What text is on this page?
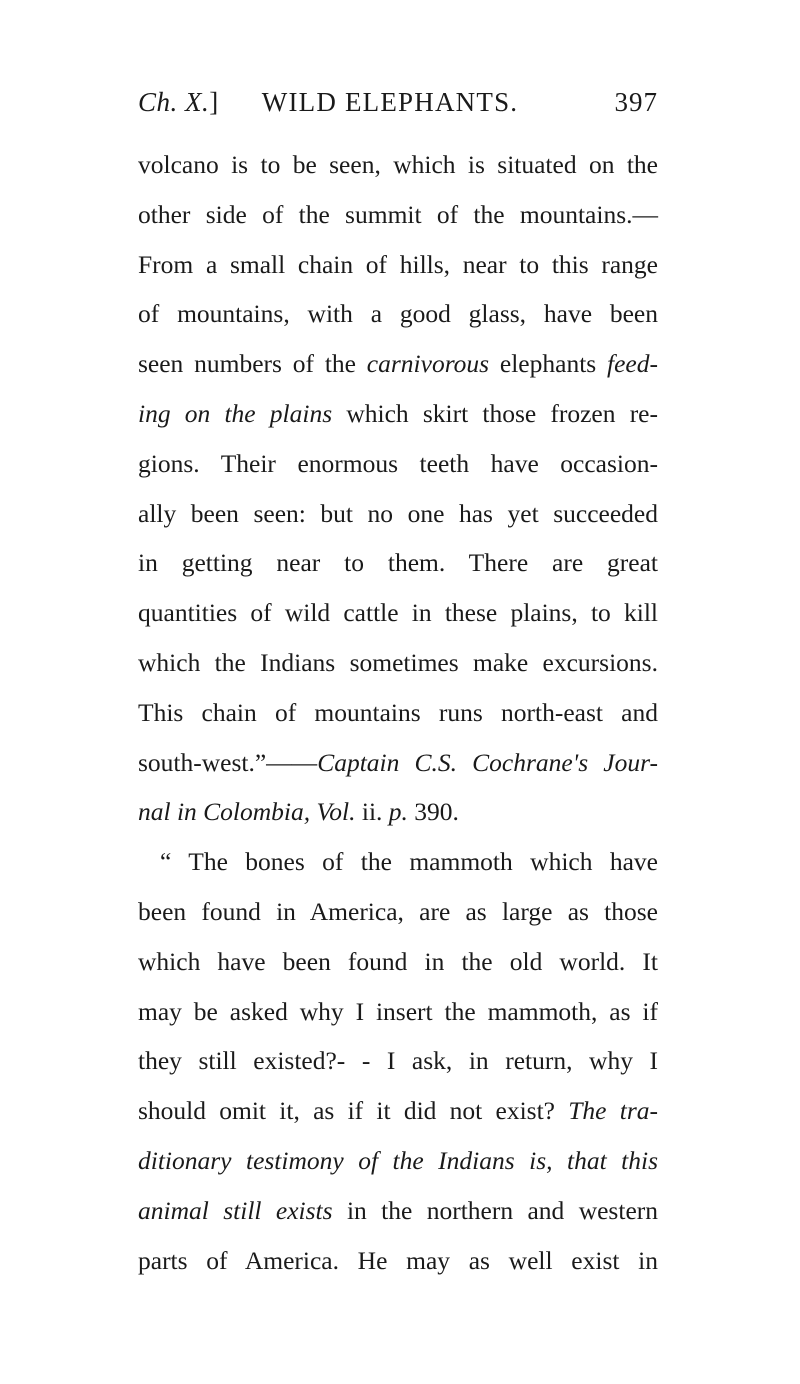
Ch. X.]	WILD ELEPHANTS.	397
volcano is to be seen, which is situated on the
other side of the summit of the mountains.—
From a small chain of hills, near to this range
of mountains, with a good glass, have been
seen numbers of the carnivorous elephants feed-
ing on the plains which skirt those frozen re-
gions. Their enormous teeth have occasion-
ally been seen: but no one has yet succeeded
in getting near to them. There are great
quantities of wild cattle in these plains, to kill
which the Indians sometimes make excursions.
This chain of mountains runs north-east and
south-west.”——Captain C.S. Cochrane's Jour-
nal in Colombia, Vol. ii. p. 390.
“ The bones of the mammoth which have
been found in America, are as large as those
which have been found in the old world. It
may be asked why I insert the mammoth, as if
they still existed?- - I ask, in return, why I
should omit it, as if it did not exist? The tra-
ditionary testimony of the Indians is, that this
animal still exists in the northern and western
parts of America. He may as well exist in
